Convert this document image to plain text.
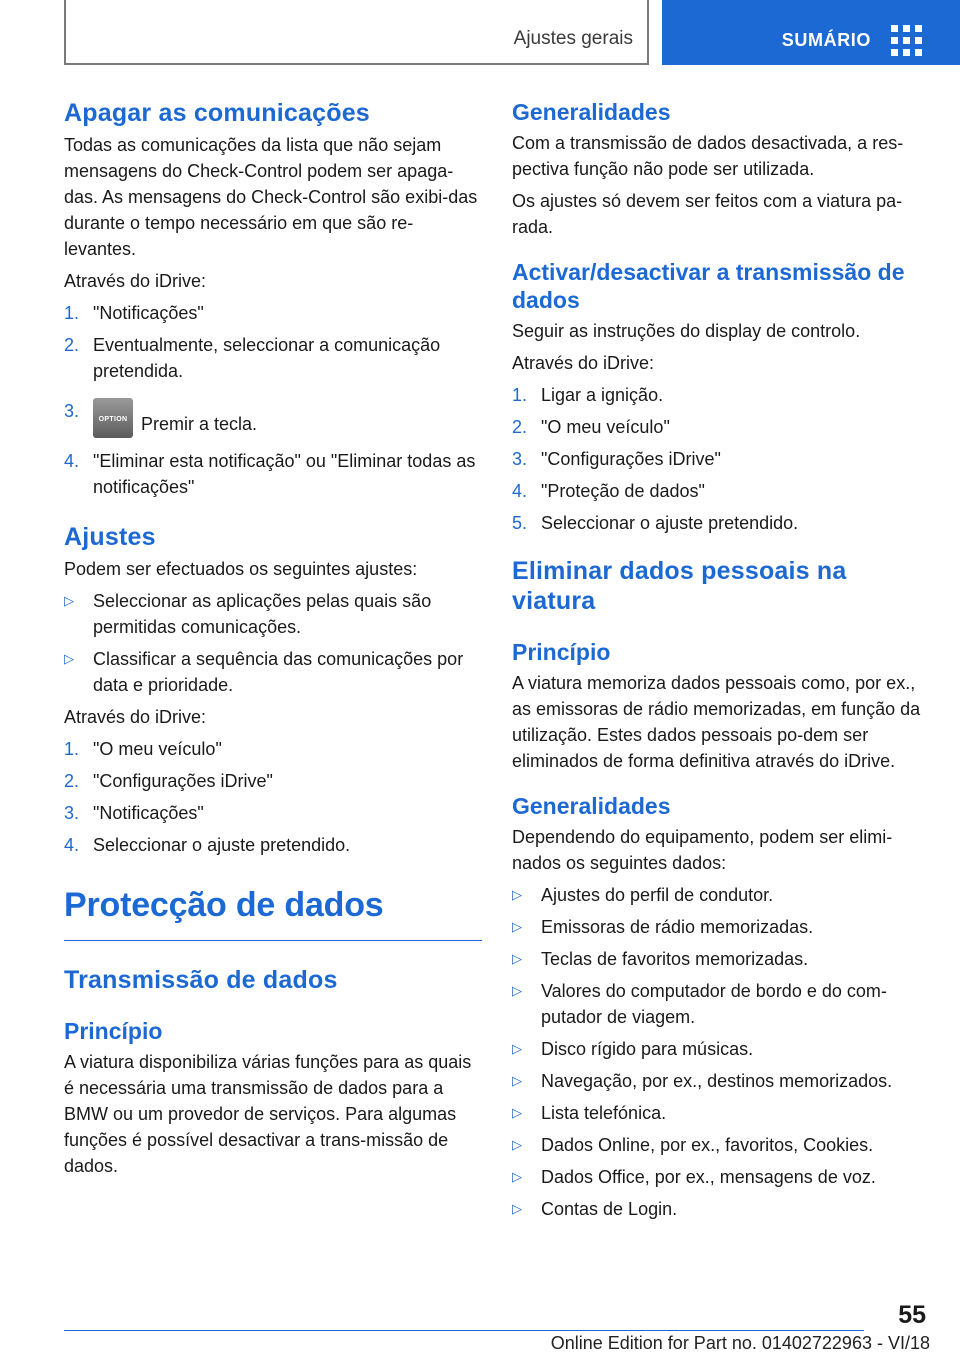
Ajustes gerais	SUMÁRIO
Apagar as comunicações
Todas as comunicações da lista que não sejam mensagens do Check-Control podem ser apaga‐das. As mensagens do Check-Control são exibi‐das durante o tempo necessário em que são re‐levantes.
Através do iDrive:
1. "Notificações"
2. Eventualmente, seleccionar a comunicação pretendida.
3.	OPTION Premir a tecla.
4. "Eliminar esta notificação" ou "Eliminar todas as notificações"
Ajustes
Podem ser efectuados os seguintes ajustes:
▷ Seleccionar as aplicações pelas quais são permitidas comunicações.
▷ Classificar a sequência das comunicações por data e prioridade.
Através do iDrive:
1. "O meu veículo"
2. "Configurações iDrive"
3. "Notificações"
4. Seleccionar o ajuste pretendido.
Protecção de dados
Transmissão de dados
Princípio
A viatura disponibiliza várias funções para as quais é necessária uma transmissão de dados para a BMW ou um provedor de serviços. Para algumas funções é possível desactivar a trans‐missão de dados.
Generalidades
Com a transmissão de dados desactivada, a res‐pectiva função não pode ser utilizada.
Os ajustes só devem ser feitos com a viatura pa‐rada.
Activar/desactivar a transmissão de dados
Seguir as instruções do display de controlo.
Através do iDrive:
1. Ligar a ignição.
2. "O meu veículo"
3. "Configurações iDrive"
4. "Proteção de dados"
5. Seleccionar o ajuste pretendido.
Eliminar dados pessoais na viatura
Princípio
A viatura memoriza dados pessoais como, por ex., as emissoras de rádio memorizadas, em função da utilização. Estes dados pessoais po‐dem ser eliminados de forma definitiva através do iDrive.
Generalidades
Dependendo do equipamento, podem ser elimi‐nados os seguintes dados:
▷ Ajustes do perfil de condutor.
▷ Emissoras de rádio memorizadas.
▷ Teclas de favoritos memorizadas.
▷ Valores do computador de bordo e do com‐putador de viagem.
▷ Disco rígido para músicas.
▷ Navegação, por ex., destinos memorizados.
▷ Lista telefónica.
▷ Dados Online, por ex., favoritos, Cookies.
▷ Dados Office, por ex., mensagens de voz.
▷ Contas de Login.
55
Online Edition for Part no. 01402722963 - VI/18
